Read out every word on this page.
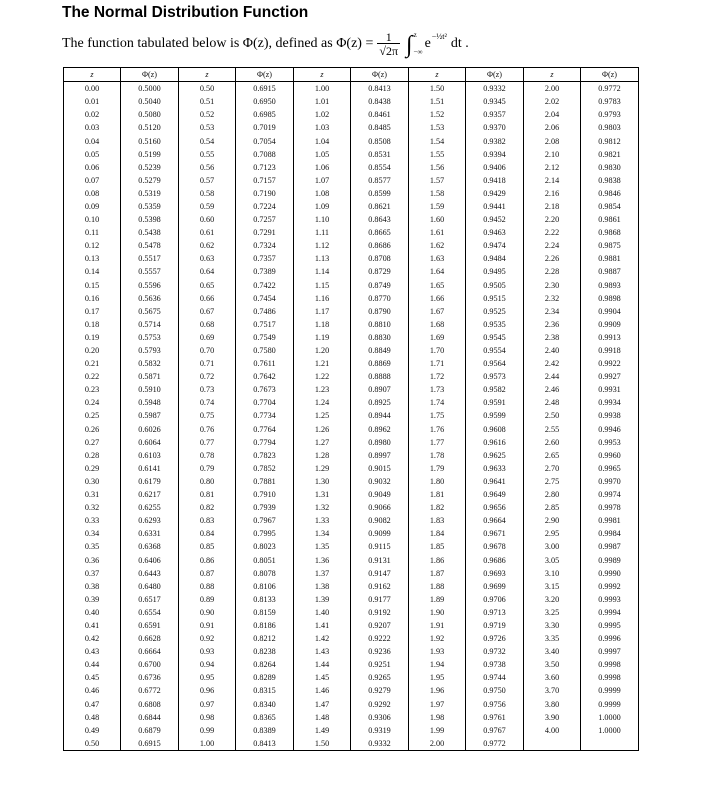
The Normal Distribution Function
The function tabulated below is Φ(z), defined as $\Phi(z) = \frac{1}{√2\pi}$ ∫ z
−∞
$e^{-\frac{1}{2}t^2}$ dt .
z	Φ(z)	z	Φ(z)	z	Φ(z)	z	Φ(z)	z	Φ(z)
0.00	0.5000	0.50	0.6915	1.00	0.8413	1.50	0.9332	2.00	0.9772
0.01	0.5040	0.51	0.6950	1.01	0.8438	1.51	0.9345	2.02	0.9783
0.02	0.5080	0.52	0.6985	1.02	0.8461	1.52	0.9357	2.04	0.9793
0.03	0.5120	0.53	0.7019	1.03	0.8485	1.53	0.9370	2.06	0.9803
0.04	0.5160	0.54	0.7054	1.04	0.8508	1.54	0.9382	2.08	0.9812
0.05	0.5199	0.55	0.7088	1.05	0.8531	1.55	0.9394	2.10	0.9821
0.06	0.5239	0.56	0.7123	1.06	0.8554	1.56	0.9406	2.12	0.9830
0.07	0.5279	0.57	0.7157	1.07	0.8577	1.57	0.9418	2.14	0.9838
0.08	0.5319	0.58	0.7190	1.08	0.8599	1.58	0.9429	2.16	0.9846
0.09	0.5359	0.59	0.7224	1.09	0.8621	1.59	0.9441	2.18	0.9854
0.10	0.5398	0.60	0.7257	1.10	0.8643	1.60	0.9452	2.20	0.9861
0.11	0.5438	0.61	0.7291	1.11	0.8665	1.61	0.9463	2.22	0.9868
0.12	0.5478	0.62	0.7324	1.12	0.8686	1.62	0.9474	2.24	0.9875
0.13	0.5517	0.63	0.7357	1.13	0.8708	1.63	0.9484	2.26	0.9881
0.14	0.5557	0.64	0.7389	1.14	0.8729	1.64	0.9495	2.28	0.9887
0.15	0.5596	0.65	0.7422	1.15	0.8749	1.65	0.9505	2.30	0.9893
0.16	0.5636	0.66	0.7454	1.16	0.8770	1.66	0.9515	2.32	0.9898
0.17	0.5675	0.67	0.7486	1.17	0.8790	1.67	0.9525	2.34	0.9904
0.18	0.5714	0.68	0.7517	1.18	0.8810	1.68	0.9535	2.36	0.9909
0.19	0.5753	0.69	0.7549	1.19	0.8830	1.69	0.9545	2.38	0.9913
0.20	0.5793	0.70	0.7580	1.20	0.8849	1.70	0.9554	2.40	0.9918
0.21	0.5832	0.71	0.7611	1.21	0.8869	1.71	0.9564	2.42	0.9922
0.22	0.5871	0.72	0.7642	1.22	0.8888	1.72	0.9573	2.44	0.9927
0.23	0.5910	0.73	0.7673	1.23	0.8907	1.73	0.9582	2.46	0.9931
0.24	0.5948	0.74	0.7704	1.24	0.8925	1.74	0.9591	2.48	0.9934
0.25	0.5987	0.75	0.7734	1.25	0.8944	1.75	0.9599	2.50	0.9938
0.26	0.6026	0.76	0.7764	1.26	0.8962	1.76	0.9608	2.55	0.9946
0.27	0.6064	0.77	0.7794	1.27	0.8980	1.77	0.9616	2.60	0.9953
0.28	0.6103	0.78	0.7823	1.28	0.8997	1.78	0.9625	2.65	0.9960
0.29	0.6141	0.79	0.7852	1.29	0.9015	1.79	0.9633	2.70	0.9965
0.30	0.6179	0.80	0.7881	1.30	0.9032	1.80	0.9641	2.75	0.9970
0.31	0.6217	0.81	0.7910	1.31	0.9049	1.81	0.9649	2.80	0.9974
0.32	0.6255	0.82	0.7939	1.32	0.9066	1.82	0.9656	2.85	0.9978
0.33	0.6293	0.83	0.7967	1.33	0.9082	1.83	0.9664	2.90	0.9981
0.34	0.6331	0.84	0.7995	1.34	0.9099	1.84	0.9671	2.95	0.9984
0.35	0.6368	0.85	0.8023	1.35	0.9115	1.85	0.9678	3.00	0.9987
0.36	0.6406	0.86	0.8051	1.36	0.9131	1.86	0.9686	3.05	0.9989
0.37	0.6443	0.87	0.8078	1.37	0.9147	1.87	0.9693	3.10	0.9990
0.38	0.6480	0.88	0.8106	1.38	0.9162	1.88	0.9699	3.15	0.9992
0.39	0.6517	0.89	0.8133	1.39	0.9177	1.89	0.9706	3.20	0.9993
0.40	0.6554	0.90	0.8159	1.40	0.9192	1.90	0.9713	3.25	0.9994
0.41	0.6591	0.91	0.8186	1.41	0.9207	1.91	0.9719	3.30	0.9995
0.42	0.6628	0.92	0.8212	1.42	0.9222	1.92	0.9726	3.35	0.9996
0.43	0.6664	0.93	0.8238	1.43	0.9236	1.93	0.9732	3.40	0.9997
0.44	0.6700	0.94	0.8264	1.44	0.9251	1.94	0.9738	3.50	0.9998
0.45	0.6736	0.95	0.8289	1.45	0.9265	1.95	0.9744	3.60	0.9998
0.46	0.6772	0.96	0.8315	1.46	0.9279	1.96	0.9750	3.70	0.9999
0.47	0.6808	0.97	0.8340	1.47	0.9292	1.97	0.9756	3.80	0.9999
0.48	0.6844	0.98	0.8365	1.48	0.9306	1.98	0.9761	3.90	1.0000
0.49	0.6879	0.99	0.8389	1.49	0.9319	1.99	0.9767	4.00	1.0000
0.50	0.6915	1.00	0.8413	1.50	0.9332	2.00	0.9772		
